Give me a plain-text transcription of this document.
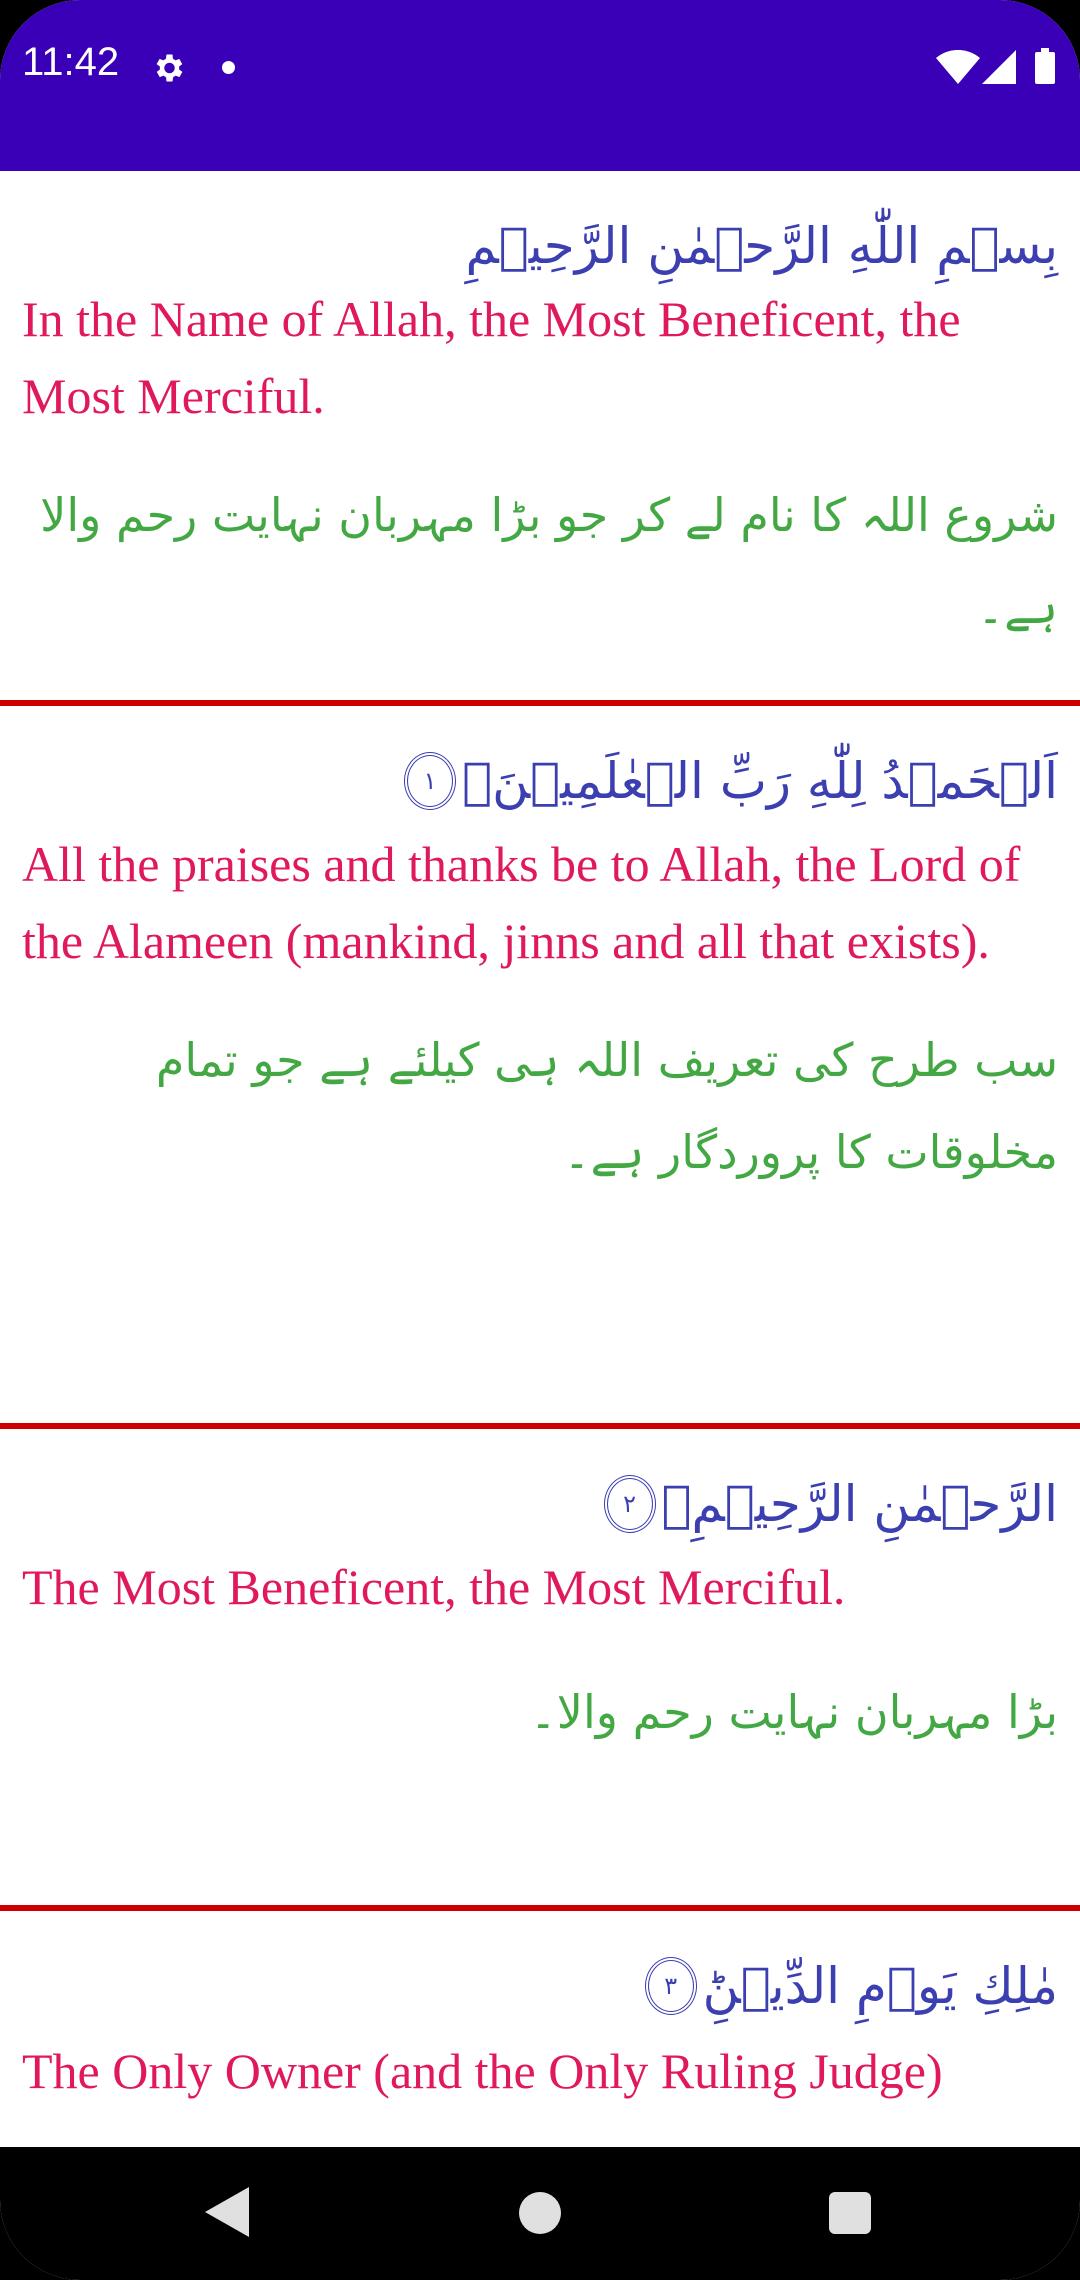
11:42
بِسۡمِ اللّٰهِ الرَّحۡمٰنِ الرَّحِيۡمِ

In the Name of Allah, the Most Beneficent, the Most Merciful.

شروع اللہ کا نام لے کر جو بڑا مہربان نہایت رحم والا ہے۔

اَلۡحَمۡدُ لِلّٰهِ رَبِّ الۡعٰلَمِيۡنَۙ
١

All the praises and thanks be to Allah, the Lord of the Alameen (mankind, jinns and all that exists).

سب طرح کی تعریف اللہ ہی کیلئے ہے جو تمام مخلوقات کا پروردگار ہے۔

الرَّحۡمٰنِ الرَّحِيۡمِۙ
٢

The Most Beneficent, the Most Merciful.

بڑا مہربان نہایت رحم والا۔

مٰلِكِ يَوۡمِ الدِّيۡنِؕ
٣

The Only Owner (and the Only Ruling Judge)
